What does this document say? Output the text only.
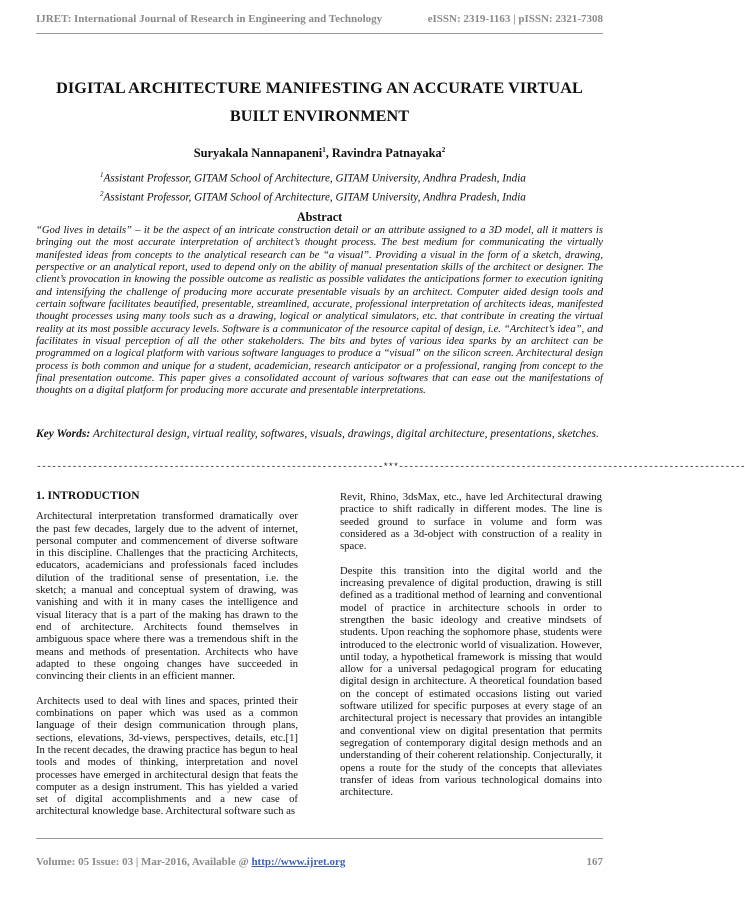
IJRET: International Journal of Research in Engineering and Technology	eISSN: 2319-1163 | pISSN: 2321-7308
DIGITAL ARCHITECTURE MANIFESTING AN ACCURATE VIRTUAL
BUILT ENVIRONMENT
Suryakala Nannapaneni$^1$, Ravindra Patnayaka$^2$
$^1$Assistant Professor, GITAM School of Architecture, GITAM University, Andhra Pradesh, India
$^2$Assistant Professor, GITAM School of Architecture, GITAM University, Andhra Pradesh, India
Abstract
“God lives in details” – it be the aspect of an intricate construction detail or an attribute assigned to a 3D model, all it matters is bringing out the most accurate interpretation of architect’s thought process. The best medium for communicating the virtually manifested ideas from concepts to the analytical research can be “a visual”. Providing a visual in the form of a sketch, drawing, perspective or an analytical report, used to depend only on the ability of manual presentation skills of the architect or designer. The client’s provocation in knowing the possible outcome as realistic as possible validates the anticipations former to execution igniting and intensifying the challenge of producing more accurate presentable visuals by an architect. Computer aided design tools and certain software facilitates beautified, presentable, streamlined, accurate, professional interpretation of architects ideas, manifested thought processes using many tools such as a drawing, logical or analytical simulators, etc. that contribute in creating the virtual reality at its most possible accuracy levels. Software is a communicator of the resource capital of design, i.e. “Architect’s idea”, and facilitates in visual perception of all the other stakeholders. The bits and bytes of various idea sparks by an architect can be programmed on a logical platform with various software languages to produce a “visual” on the silicon screen. Architectural design process is both common and unique for a student, academician, research anticipator or a professional, ranging from concept to the final presentation outcome. This paper gives a consolidated account of various softwares that can ease out the manifestations of thoughts on a digital platform for producing more accurate and presentable interpretations.
Key Words: Architectural design, virtual reality, softwares, visuals, drawings, digital architecture, presentations, sketches.
--------------------------------------------------------------------***--------------------------------------------------------------------
1. INTRODUCTION

Architectural interpretation transformed dramatically over the past few decades, largely due to the advent of internet, personal computer and commencement of diverse software in this discipline. Challenges that the practicing Architects, educators, academicians and professionals faced includes dilution of the traditional sense of presentation, i.e. the sketch; a manual and conceptual system of drawing, was vanishing and with it in many cases the intelligence and visual literacy that is a part of the making has drawn to the end of architecture. Architects found themselves in ambiguous space where there was a tremendous shift in the means and methods of presentation. Architects who have adapted to these ongoing changes have succeeded in convincing their clients in an efficient manner.

Architects used to deal with lines and spaces, printed their combinations on paper which was used as a common language of their design communication through plans, sections, elevations, 3d-views, perspectives, details, etc.[1] In the recent decades, the drawing practice has begun to heal tools and modes of thinking, interpretation and novel processes have emerged in architectural design that feats the computer as a design instrument. This has yielded a varied set of digital accomplishments and a new case of architectural knowledge base. Architectural software such as

Revit, Rhino, 3dsMax, etc., have led Architectural drawing practice to shift radically in different modes. The line is seeded ground to surface in volume and form was considered as a 3d-object with construction of a reality in space.

Despite this transition into the digital world and the increasing prevalence of digital production, drawing is still defined as a traditional method of learning and conventional model of practice in architecture schools in order to strengthen the basic ideology and creative mindsets of students. Upon reaching the sophomore phase, students were introduced to the electronic world of visualization. However, until today, a hypothetical framework is missing that would allow for a universal pedagogical program for educating digital design in architecture. A theoretical foundation based on the concept of estimated occasions listing out varied software utilized for specific purposes at every stage of an architectural project is necessary that provides an intangible and conventional view on digital presentation that permits segregation of contemporary digital design methods and an understanding of their coherent relationship. Conjecturally, it opens a route for the study of the concepts that alleviates transfer of ideas from various technological domains into architecture.

Volume: 05 Issue: 03 | Mar-2016, Available @ http://www.ijret.org	167
